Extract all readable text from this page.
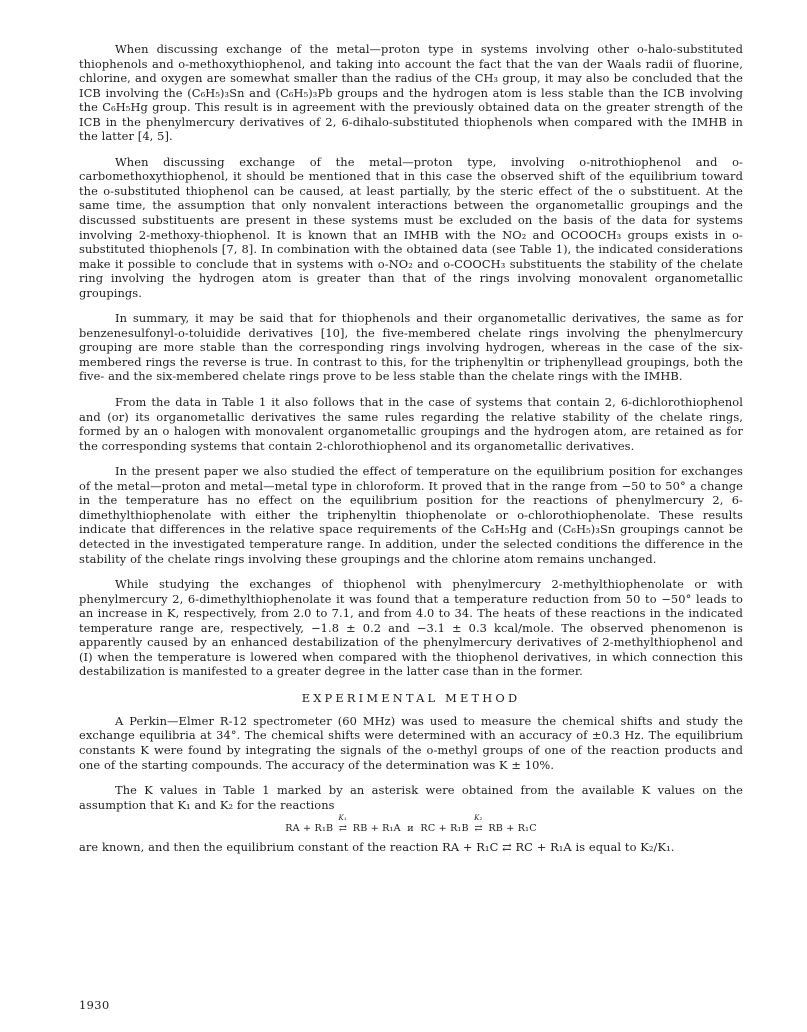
When discussing exchange of the metal—proton type in systems involving other o-halo-substituted thiophenols and o-methoxythiophenol, and taking into account the fact that the van der Waals radii of fluorine, chlorine, and oxygen are somewhat smaller than the radius of the CH₃ group, it may also be concluded that the ICB involving the (C₆H₅)₃Sn and (C₆H₅)₃Pb groups and the hydrogen atom is less stable than the ICB involving the C₆H₅Hg group. This result is in agreement with the previously obtained data on the greater strength of the ICB in the phenylmercury derivatives of 2, 6-dihalo-substituted thiophenols when compared with the IMHB in the latter [4, 5].

When discussing exchange of the metal—proton type, involving o-nitrothiophenol and o-carbomethoxythiophenol, it should be mentioned that in this case the observed shift of the equilibrium toward the o-substituted thiophenol can be caused, at least partially, by the steric effect of the o substituent. At the same time, the assumption that only nonvalent interactions between the organometallic groupings and the discussed substituents are present in these systems must be excluded on the basis of the data for systems involving 2-methoxy-thiophenol. It is known that an IMHB with the NO₂ and OCOOCH₃ groups exists in o-substituted thiophenols [7, 8]. In combination with the obtained data (see Table 1), the indicated considerations make it possible to conclude that in systems with o-NO₂ and o-COOCH₃ substituents the stability of the chelate ring involving the hydrogen atom is greater than that of the rings involving monovalent organometallic groupings.

In summary, it may be said that for thiophenols and their organometallic derivatives, the same as for benzenesulfonyl-o-toluidide derivatives [10], the five-membered chelate rings involving the phenylmercury grouping are more stable than the corresponding rings involving hydrogen, whereas in the case of the six-membered rings the reverse is true. In contrast to this, for the triphenyltin or triphenyllead groupings, both the five- and the six-membered chelate rings prove to be less stable than the chelate rings with the IMHB.

From the data in Table 1 it also follows that in the case of systems that contain 2, 6-dichlorothiophenol and (or) its organometallic derivatives the same rules regarding the relative stability of the chelate rings, formed by an o halogen with monovalent organometallic groupings and the hydrogen atom, are retained as for the corresponding systems that contain 2-chlorothiophenol and its organometallic derivatives.

In the present paper we also studied the effect of temperature on the equilibrium position for exchanges of the metal—proton and metal—metal type in chloroform. It proved that in the range from −50 to 50° a change in the temperature has no effect on the equilibrium position for the reactions of phenylmercury 2, 6-dimethylthiophenolate with either the triphenyltin thiophenolate or o-chlorothiophenolate. These results indicate that differences in the relative space requirements of the C₆H₅Hg and (C₆H₅)₃Sn groupings cannot be detected in the investigated temperature range. In addition, under the selected conditions the difference in the stability of the chelate rings involving these groupings and the chlorine atom remains unchanged.

While studying the exchanges of thiophenol with phenylmercury 2-methylthiophenolate or with phenylmercury 2, 6-dimethylthiophenolate it was found that a temperature reduction from 50 to −50° leads to an increase in K, respectively, from 2.0 to 7.1, and from 4.0 to 34. The heats of these reactions in the indicated temperature range are, respectively, −1.8 ± 0.2 and −3.1 ± 0.3 kcal/mole. The observed phenomenon is apparently caused by an enhanced destabilization of the phenylmercury derivatives of 2-methylthiophenol and (I) when the temperature is lowered when compared with the thiophenol derivatives, in which connection this destabilization is manifested to a greater degree in the latter case than in the former.

EXPERIMENTAL METHOD

A Perkin—Elmer R-12 spectrometer (60 MHz) was used to measure the chemical shifts and study the exchange equilibria at 34°. The chemical shifts were determined with an accuracy of ±0.3 Hz. The equilibrium constants K were found by integrating the signals of the o-methyl groups of one of the reaction products and one of the starting compounds. The accuracy of the determination was K ± 10%.

The K values in Table 1 marked by an asterisk were obtained from the available K values on the assumption that K₁ and K₂ for the reactions

RA + R₁B
K₁
⇄ RB + R₁A и RC + R₁B
K₂
⇄ RB + R₁C

are known, and then the equilibrium constant of the reaction RA + R₁C ⇄ RC + R₁A is equal to K₂/K₁.

1930
